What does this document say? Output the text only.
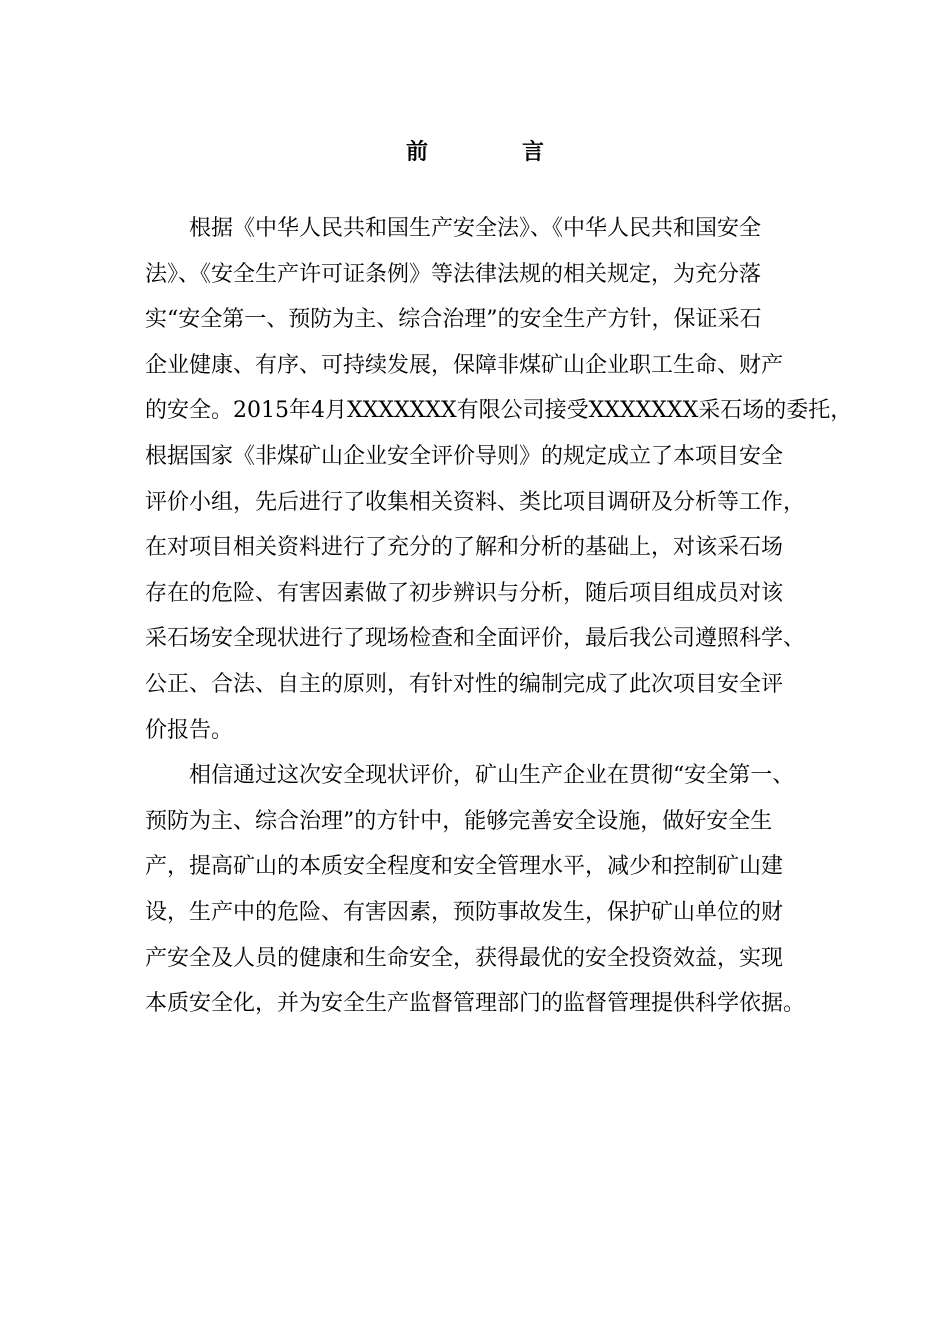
前　言
　　根据《中华人民共和国生产安全法》、《中华人民共和国安全
法》、《安全生产许可证条例》等法律法规的相关规定，为充分落
实“安全第一、预防为主、综合治理”的安全生产方针，保证采石
企业健康、有序、可持续发展，保障非煤矿山企业职工生命、财产
的安全。2015年4月XXXXXXX有限公司接受XXXXXXX采石场的委托，
根据国家《非煤矿山企业安全评价导则》的规定成立了本项目安全
评价小组，先后进行了收集相关资料、类比项目调研及分析等工作，
在对项目相关资料进行了充分的了解和分析的基础上，对该采石场
存在的危险、有害因素做了初步辨识与分析，随后项目组成员对该
采石场安全现状进行了现场检查和全面评价，最后我公司遵照科学、
公正、合法、自主的原则，有针对性的编制完成了此次项目安全评
价报告。
　　相信通过这次安全现状评价，矿山生产企业在贯彻“安全第一、
预防为主、综合治理”的方针中，能够完善安全设施，做好安全生
产，提高矿山的本质安全程度和安全管理水平，减少和控制矿山建
设，生产中的危险、有害因素，预防事故发生，保护矿山单位的财
产安全及人员的健康和生命安全，获得最优的安全投资效益，实现
本质安全化，并为安全生产监督管理部门的监督管理提供科学依据。
